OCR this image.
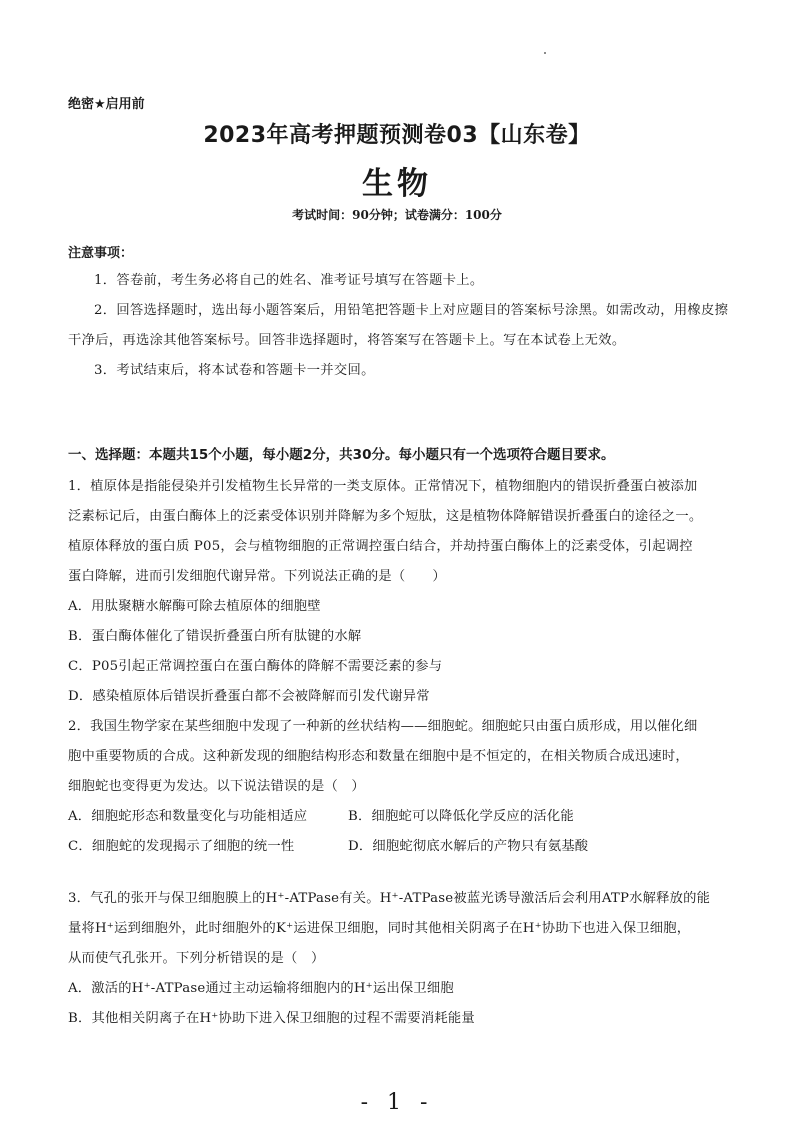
绝密★启用前
2023年高考押题预测卷03【山东卷】
生物
考试时间：90分钟；试卷满分：100分
注意事项：

1．答卷前，考生务必将自己的姓名、准考证号填写在答题卡上。

2．回答选择题时，选出每小题答案后，用铅笔把答题卡上对应题目的答案标号涂黑。如需改动，用橡皮擦干净后，再选涂其他答案标号。回答非选择题时，将答案写在答题卡上。写在本试卷上无效。

3．考试结束后，将本试卷和答题卡一并交回。

一、选择题：本题共15个小题，每小题2分，共30分。每小题只有一个选项符合题目要求。
1．植原体是指能侵染并引发植物生长异常的一类支原体。正常情况下，植物细胞内的错误折叠蛋白被添加
泛素标记后，由蛋白酶体上的泛素受体识别并降解为多个短肽，这是植物体降解错误折叠蛋白的途径之一。
植原体释放的蛋白质 P05，会与植物细胞的正常调控蛋白结合，并劫持蛋白酶体上的泛素受体，引起调控
蛋白降解，进而引发细胞代谢异常。下列说法正确的是（　　）
A．用肽聚糖水解酶可除去植原体的细胞壁
B．蛋白酶体催化了错误折叠蛋白所有肽键的水解
C．P05引起正常调控蛋白在蛋白酶体的降解不需要泛素的参与
D．感染植原体后错误折叠蛋白都不会被降解而引发代谢异常
2．我国生物学家在某些细胞中发现了一种新的丝状结构——细胞蛇。细胞蛇只由蛋白质形成，用以催化细
胞中重要物质的合成。这种新发现的细胞结构形态和数量在细胞中是不恒定的，在相关物质合成迅速时，
细胞蛇也变得更为发达。以下说法错误的是（　）
A．细胞蛇形态和数量变化与功能相适应	B．细胞蛇可以降低化学反应的活化能
C．细胞蛇的发现揭示了细胞的统一性	D．细胞蛇彻底水解后的产物只有氨基酸
3．气孔的张开与保卫细胞膜上的H⁺-ATPase有关。H⁺-ATPase被蓝光诱导激活后会利用ATP水解释放的能
量将H⁺运到细胞外，此时细胞外的K⁺运进保卫细胞，同时其他相关阴离子在H⁺协助下也进入保卫细胞，
从而使气孔张开。下列分析错误的是（　）
A．激活的H⁺-ATPase通过主动运输将细胞内的H⁺运出保卫细胞
B．其他相关阴离子在H⁺协助下进入保卫细胞的过程不需要消耗能量
- 1 -
